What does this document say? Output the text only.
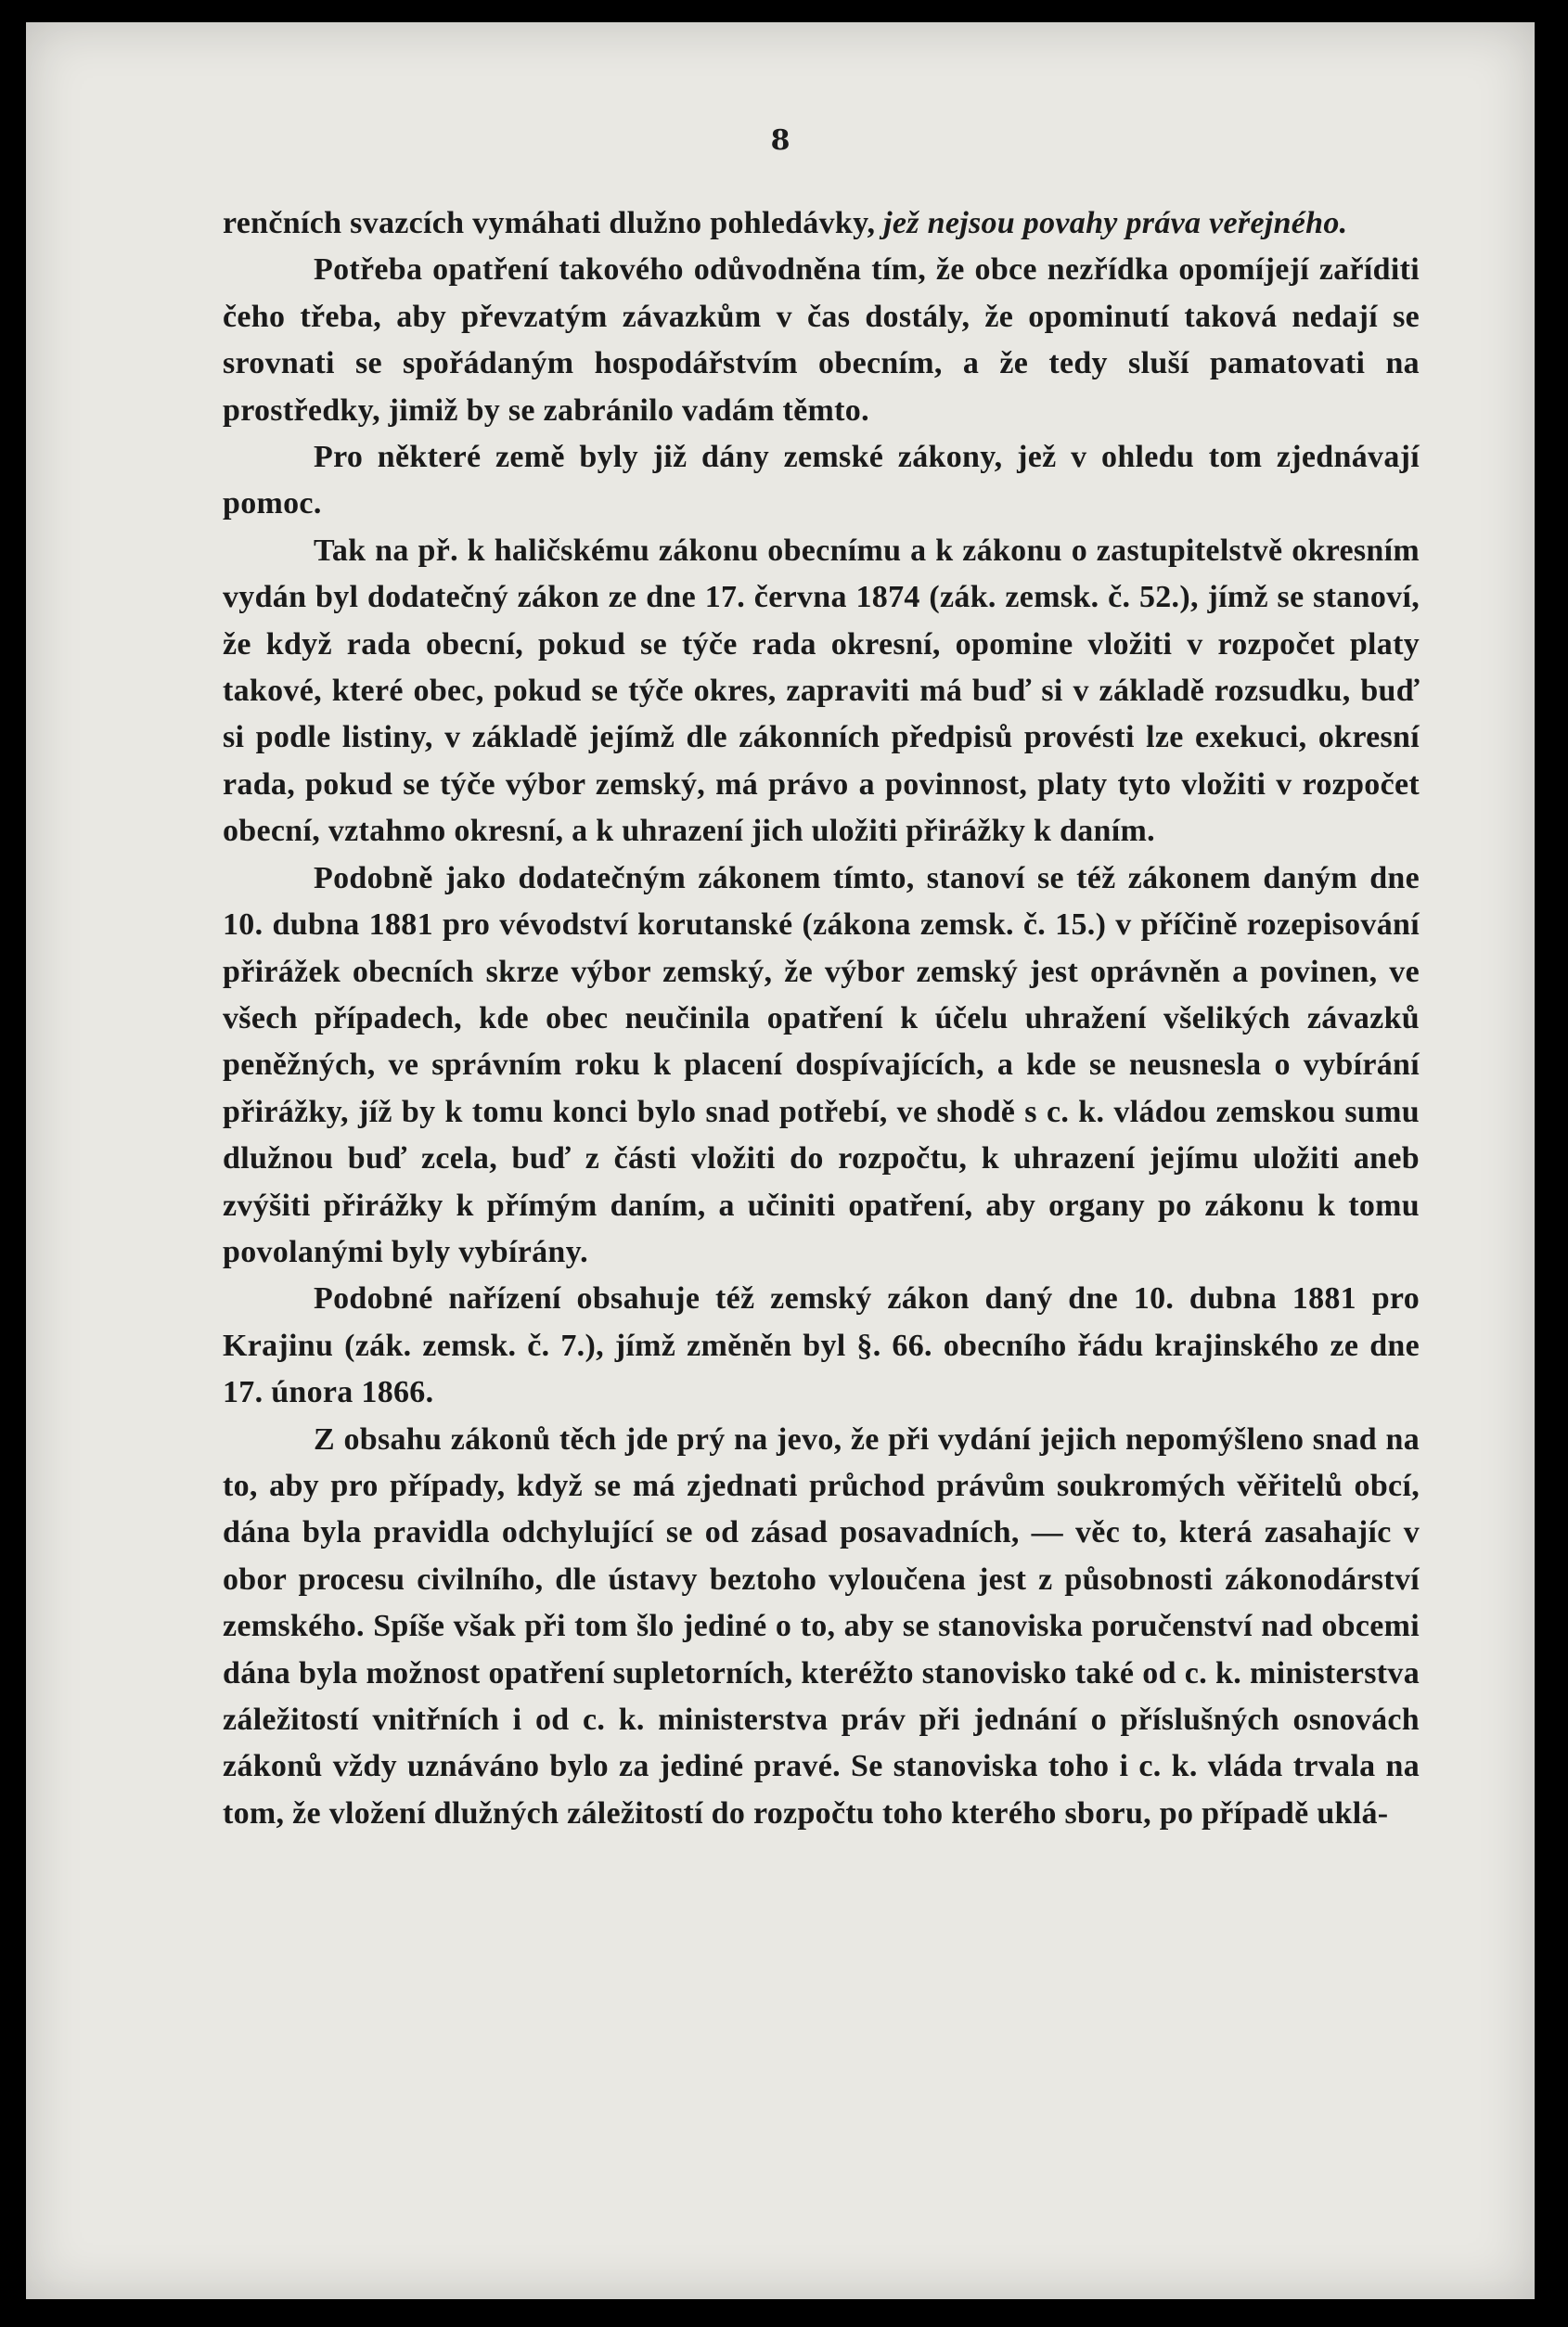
8

renčních svazcích vymáhati dlužno pohledávky, jež nejsou povahy práva veřejného.

Potřeba opatření takového odůvodněna tím, že obce nezřídka opomíjejí zaříditi čeho třeba, aby převzatým závazkům v čas dostály, že opominutí taková nedají se srovnati se spořádaným hospodářstvím obecním, a že tedy sluší pamatovati na prostředky, jimiž by se zabránilo vadám těmto.

Pro některé země byly již dány zemské zákony, jež v ohledu tom zjednávají pomoc.

Tak na př. k haličskému zákonu obecnímu a k zákonu o zastupitelstvě okresním vydán byl dodatečný zákon ze dne 17. června 1874 (zák. zemsk. č. 52.), jímž se stanoví, že když rada obecní, pokud se týče rada okresní, opomine vložiti v rozpočet platy takové, které obec, pokud se týče okres, zapraviti má buď si v základě rozsudku, buď si podle listiny, v základě jejímž dle zákonních předpisů provésti lze exekuci, okresní rada, pokud se týče výbor zemský, má právo a povinnost, platy tyto vložiti v rozpočet obecní, vztahmo okresní, a k uhrazení jich uložiti přirážky k daním.

Podobně jako dodatečným zákonem tímto, stanoví se též zákonem daným dne 10. dubna 1881 pro vévodství korutanské (zákona zemsk. č. 15.) v příčině rozepisování přirážek obecních skrze výbor zemský, že výbor zemský jest oprávněn a povinen, ve všech případech, kde obec neučinila opatření k účelu uhražení všelikých závazků peněžných, ve správním roku k placení dospívajících, a kde se neusnesla o vybírání přirážky, jíž by k tomu konci bylo snad potřebí, ve shodě s c. k. vládou zemskou sumu dlužnou buď zcela, buď z části vložiti do rozpočtu, k uhrazení jejímu uložiti aneb zvýšiti přirážky k přímým daním, a učiniti opatření, aby organy po zákonu k tomu povolanými byly vybírány.

Podobné nařízení obsahuje též zemský zákon daný dne 10. dubna 1881 pro Krajinu (zák. zemsk. č. 7.), jímž změněn byl §. 66. obecního řádu krajinského ze dne 17. února 1866.

Z obsahu zákonů těch jde prý na jevo, že při vydání jejich nepomýšleno snad na to, aby pro případy, když se má zjednati průchod právům soukromých věřitelů obcí, dána byla pravidla odchylující se od zásad posavadních, — věc to, která zasahajíc v obor procesu civilního, dle ústavy beztoho vyloučena jest z působnosti zákonodárství zemského. Spíše však při tom šlo jediné o to, aby se stanoviska poručenství nad obcemi dána byla možnost opatření supletorních, kteréžto stanovisko také od c. k. ministerstva záležitostí vnitřních i od c. k. ministerstva práv při jednání o příslušných osnovách zákonů vždy uznáváno bylo za jediné pravé. Se stanoviska toho i c. k. vláda trvala na tom, že vložení dlužných záležitostí do rozpočtu toho kterého sboru, po případě uklá-
